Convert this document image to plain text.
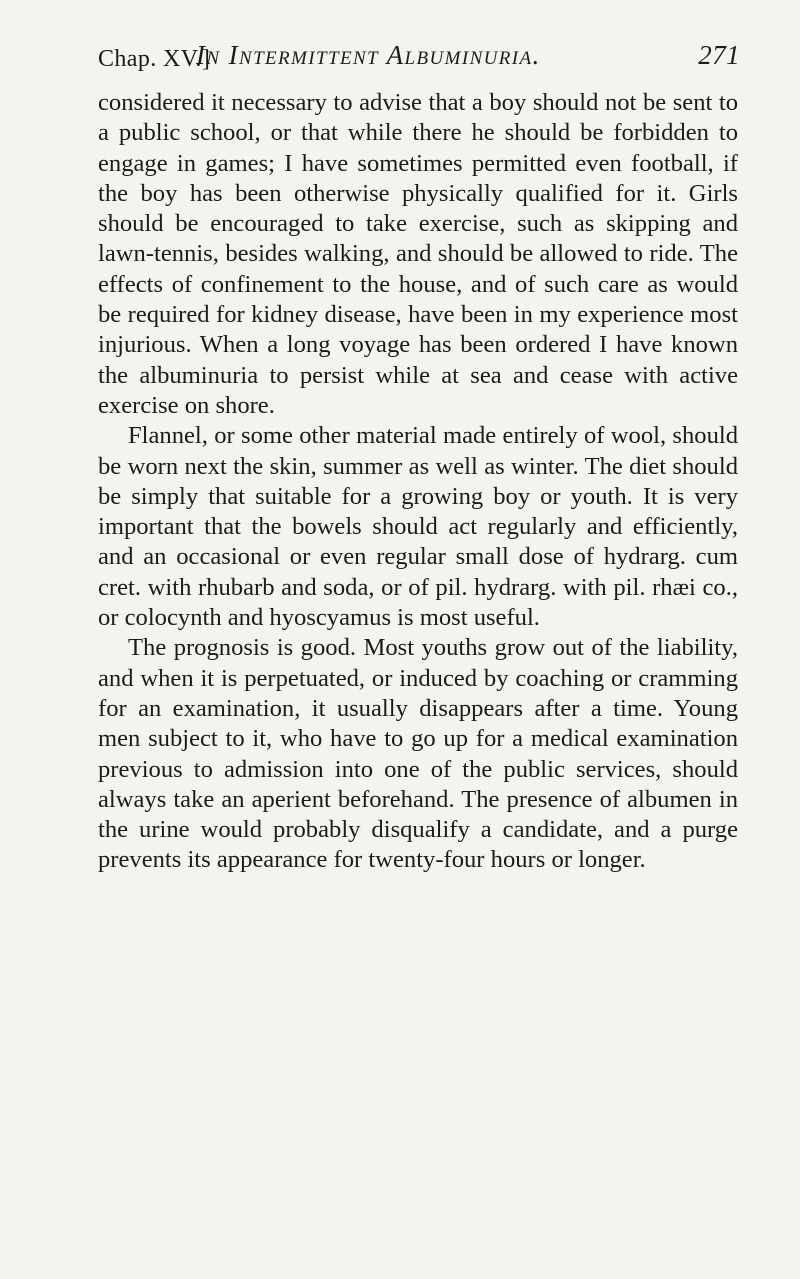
Chap. XV.]
In Intermittent Albuminuria.	271

considered it necessary to advise that a boy should not be sent to a public school, or that while there he should be forbidden to engage in games; I have sometimes permitted even football, if the boy has been otherwise physically qualified for it. Girls should be encouraged to take exercise, such as skipping and lawn-tennis, besides walking, and should be allowed to ride. The effects of confinement to the house, and of such care as would be required for kidney disease, have been in my experience most injurious. When a long voyage has been ordered I have known the albuminuria to persist while at sea and cease with active exercise on shore.

Flannel, or some other material made entirely of wool, should be worn next the skin, summer as well as winter. The diet should be simply that suitable for a growing boy or youth. It is very important that the bowels should act regularly and efficiently, and an occasional or even regular small dose of hydrarg. cum cret. with rhubarb and soda, or of pil. hydrarg. with pil. rhæi co., or colocynth and hyoscyamus is most useful.

The prognosis is good. Most youths grow out of the liability, and when it is perpetuated, or induced by coaching or cramming for an examination, it usually disappears after a time. Young men subject to it, who have to go up for a medical examination previous to admission into one of the public services, should always take an aperient beforehand. The presence of albumen in the urine would probably disqualify a candidate, and a purge prevents its appearance for twenty-four hours or longer.
